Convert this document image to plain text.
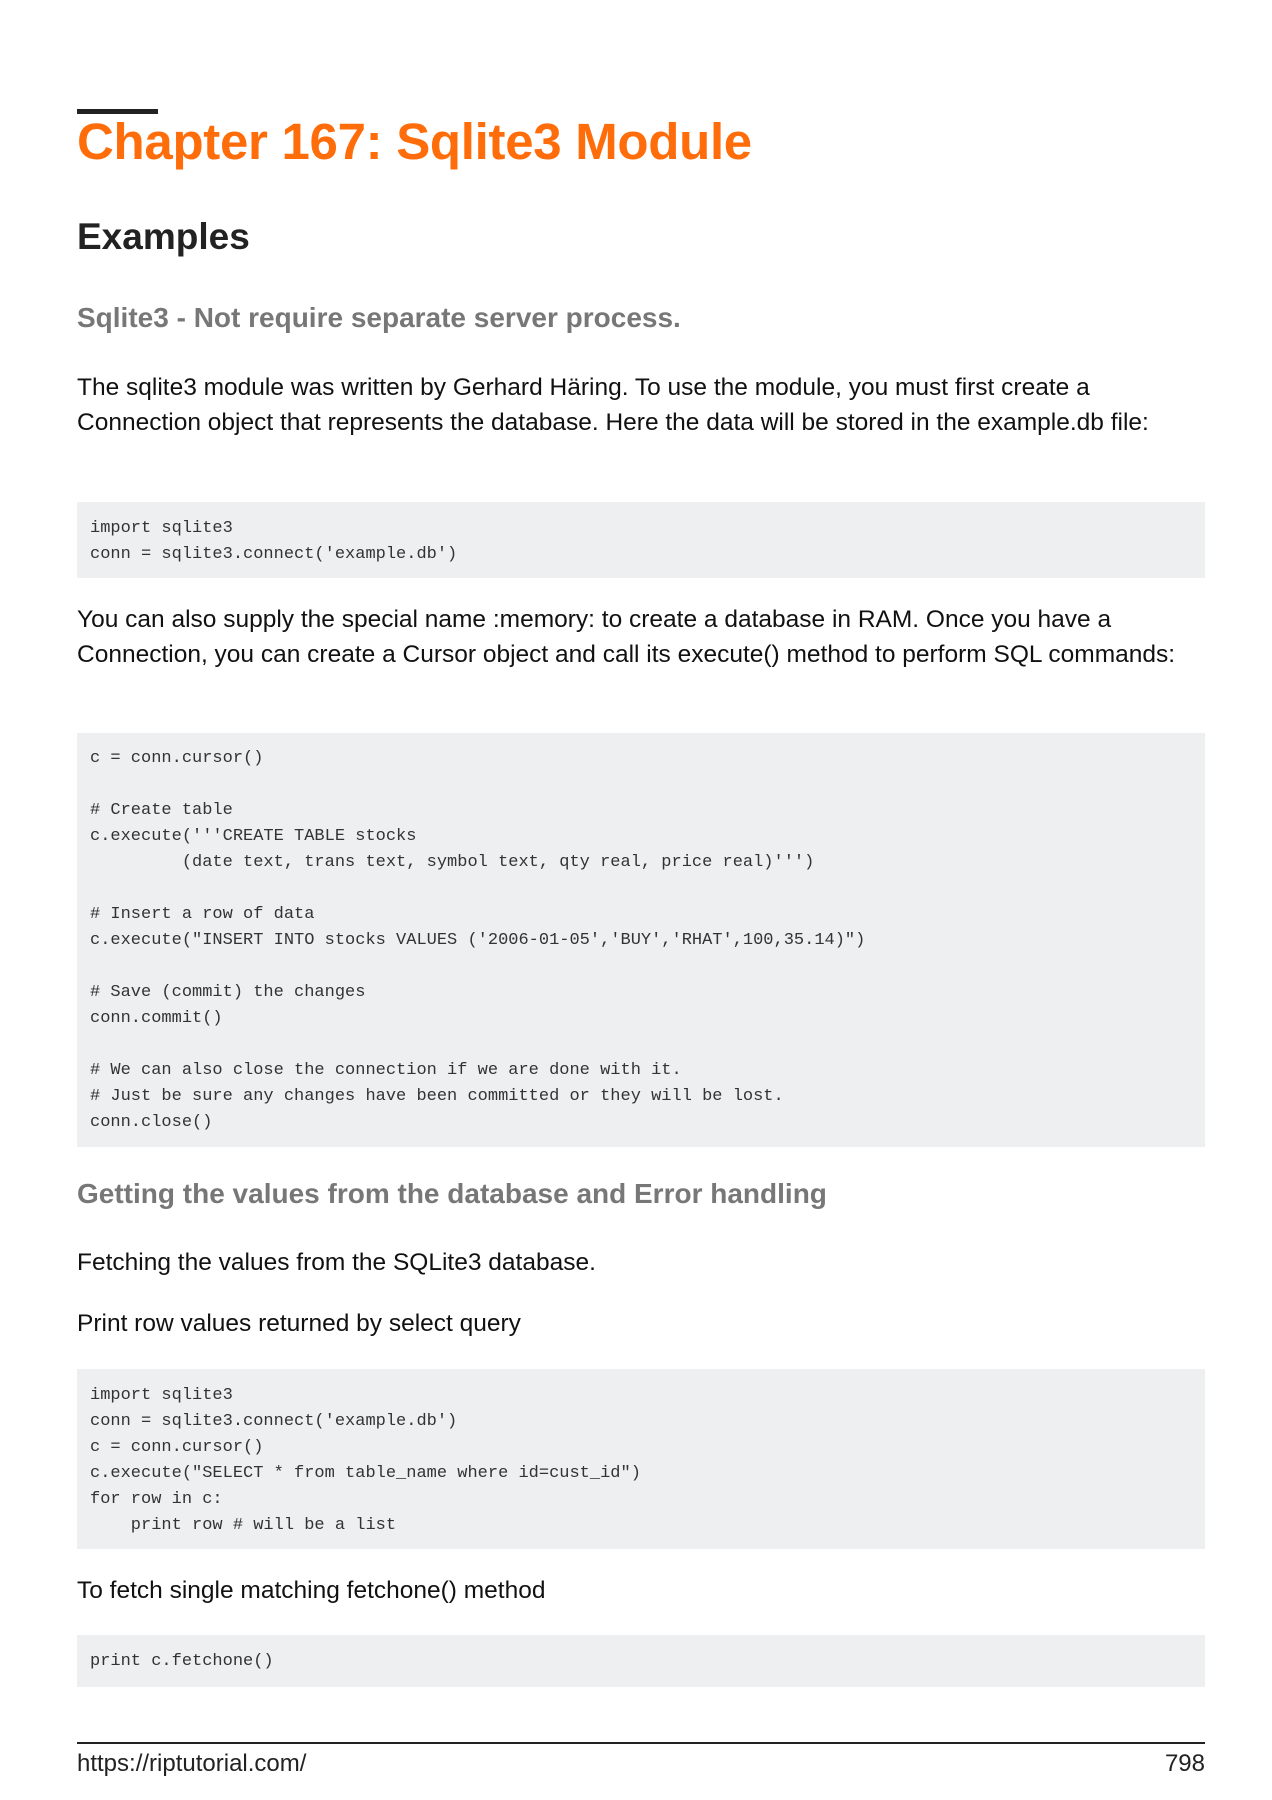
Chapter 167: Sqlite3 Module
Examples
Sqlite3 - Not require separate server process.
The sqlite3 module was written by Gerhard Häring. To use the module, you must first create a Connection object that represents the database. Here the data will be stored in the example.db file:
import sqlite3
conn = sqlite3.connect('example.db')
You can also supply the special name :memory: to create a database in RAM. Once you have a Connection, you can create a Cursor object and call its execute() method to perform SQL commands:
c = conn.cursor()

# Create table
c.execute('''CREATE TABLE stocks
(date text, trans text, symbol text, qty real, price real)''')

# Insert a row of data
c.execute("INSERT INTO stocks VALUES ('2006-01-05','BUY','RHAT',100,35.14)")

# Save (commit) the changes
conn.commit()

# We can also close the connection if we are done with it.
# Just be sure any changes have been committed or they will be lost.
conn.close()
Getting the values from the database and Error handling
Fetching the values from the SQLite3 database.
Print row values returned by select query
import sqlite3
conn = sqlite3.connect('example.db')
c = conn.cursor()
c.execute("SELECT * from table_name where id=cust_id")
for row in c:
print row # will be a list
To fetch single matching fetchone() method
print c.fetchone()
https://riptutorial.com/	798
